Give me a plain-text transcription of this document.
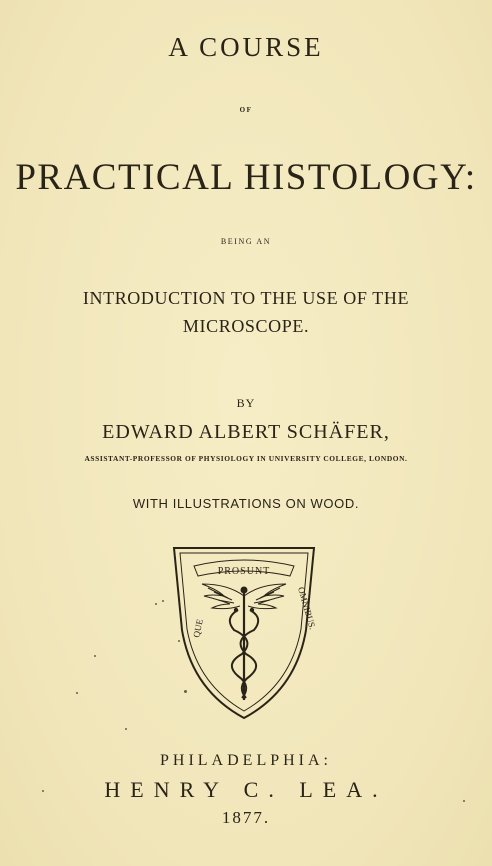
A COURSE
OF
PRACTICAL HISTOLOGY:
BEING AN
INTRODUCTION TO THE USE OF THE
MICROSCOPE.
BY
EDWARD ALBERT SCHÄFER,
ASSISTANT-PROFESSOR OF PHYSIOLOGY IN UNIVERSITY COLLEGE, LONDON.
WITH ILLUSTRATIONS ON WOOD.
PROSUNT
QUE	OMNIBUS.
PHILADELPHIA:
HENRY C. LEA.
1877.
